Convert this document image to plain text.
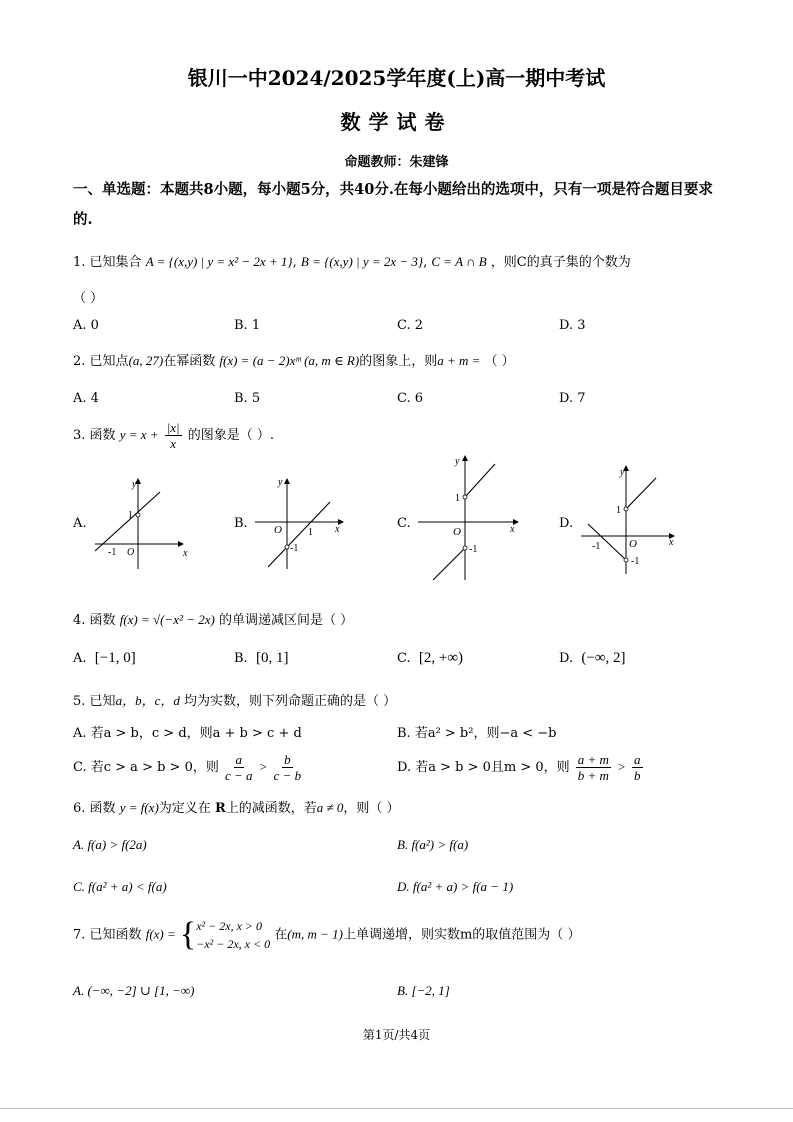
银川一中2024/2025学年度(上)高一期中考试
数学试卷
命题教师：朱建锋
一、单选题：本题共8小题，每小题5分，共40分.在每小题给出的选项中，只有一项是符合题目要求的.
1. 已知集合 A = {(x,y) | y = x² − 2x + 1}, B = {(x,y) | y = 2x − 3}, C = A ∩ B ，则C的真子集的个数为
（ ）
A. 0	B. 1	C. 2	D. 3
2. 已知点(a, 27)在幂函数 f(x) = (a − 2)xᵐ (a, m ∈ R)的图象上，则a + m = （ ）
A. 4	B. 5	C. 6	D. 7
3. 函数 $y = x + \frac{|x|}{x}$ 的图象是（ ）.
A.	B.	C.	D.
y
x
1
-1 O
y
x
O	1
-1
y
x
O
1
-1
y
x
1
-1	O
-1
4. 函数 f(x) = √(−x² − 2x) 的单调递减区间是（ ）
A. [−1, 0]	B. [0, 1]	C. [2, +∞)	D. (−∞, 2]
5. 已知a，b，c，d 均为实数，则下列命题正确的是（ ）
A. 若a > b，c > d，则a + b > c + d	B. 若a² > b²，则−a < −b
C. 若c > a > b > 0，则 $\frac{a}{c - a} > \frac{b}{c - b}$	D. 若a > b > 0且m > 0，则 $\frac{a + m}{b + m} > \frac{a}{b}$
6. 函数 y = f(x)为定义在 R上的减函数，若a ≠ 0，则（ ）
A. f(a) > f(2a)	B. f(a²) > f(a)
C. f(a² + a) < f(a)	D. f(a² + a) > f(a − 1)
7. 已知函数 f(x) = { x² − 2x, x > 0
−x² − 2x, x < 0
在(m, m − 1)上单调递增，则实数m的取值范围为（ ）
A. (−∞, −2] ∪ [1, −∞)	B. [−2, 1]
第1页/共4页
